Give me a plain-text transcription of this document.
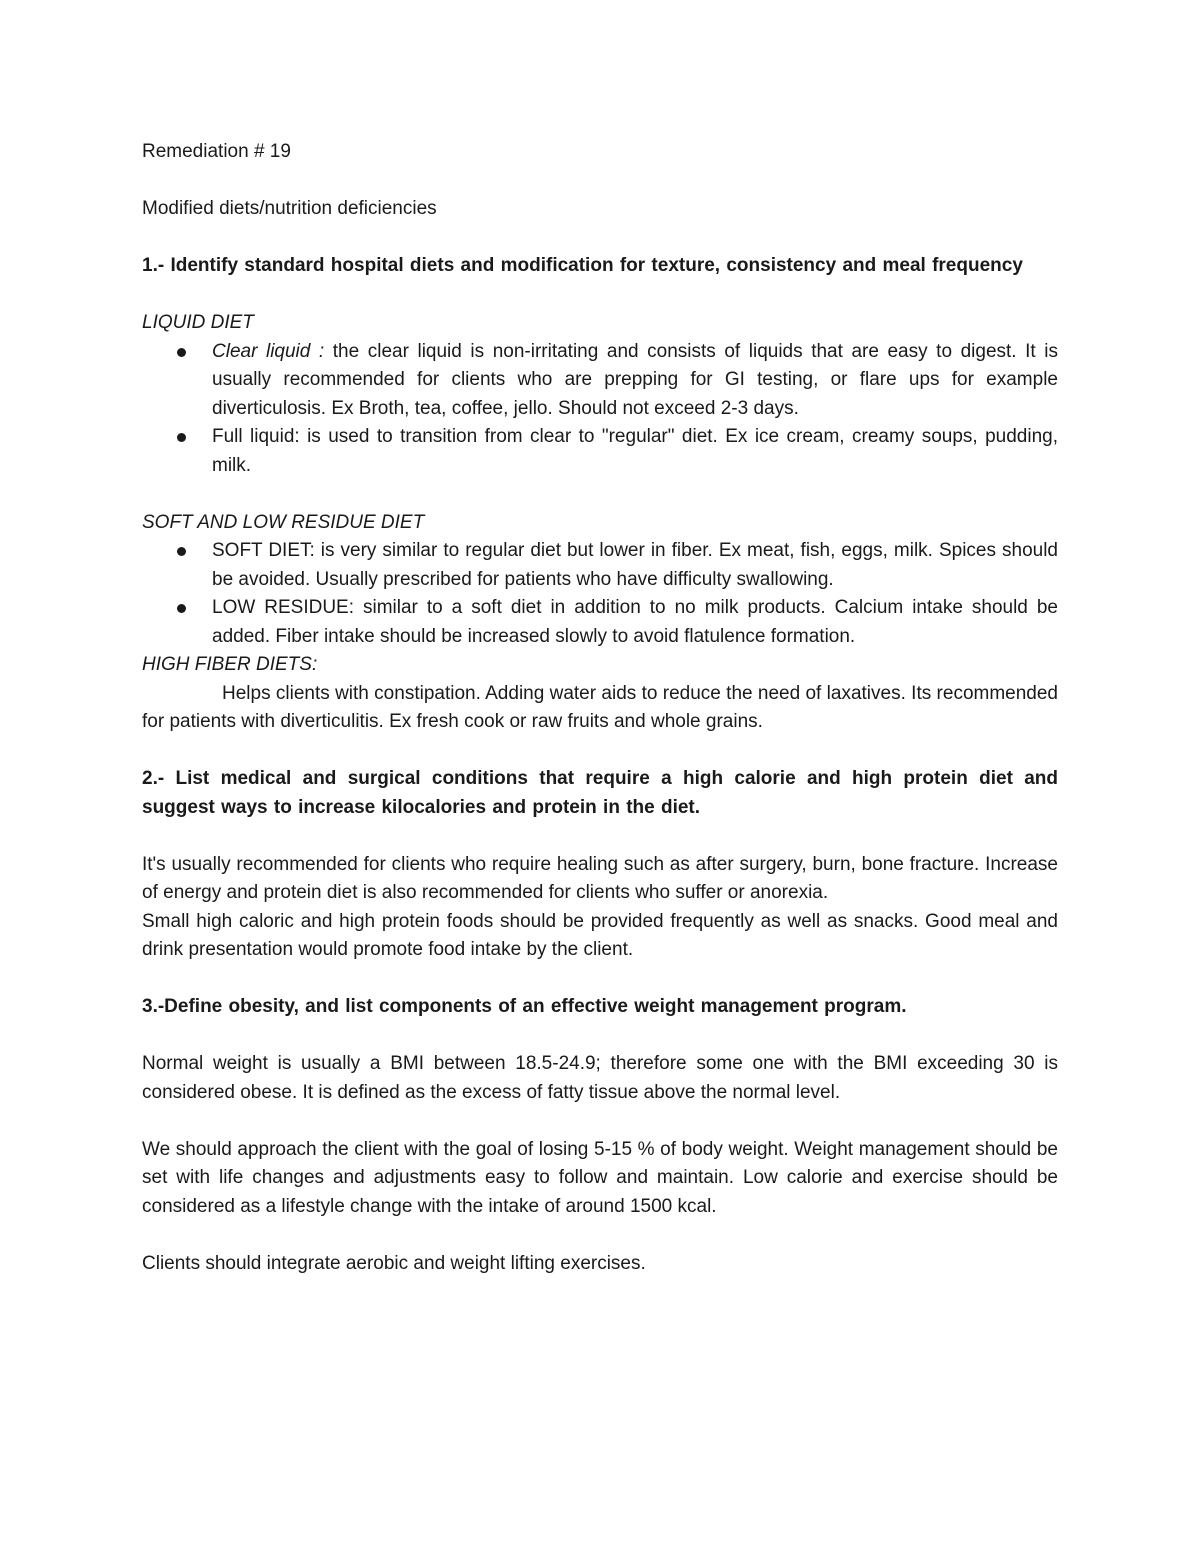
Remediation # 19

Modified diets/nutrition deficiencies

1.- Identify standard hospital diets and modification for texture, consistency and meal frequency

LIQUID DIET

Clear liquid : the clear liquid is non-irritating and consists of liquids that are easy to digest. It is usually recommended for clients who are prepping for GI testing, or flare ups for example diverticulosis. Ex Broth, tea, coffee, jello. Should not exceed 2-3 days.
Full liquid: is used to transition from clear to "regular" diet. Ex ice cream, creamy soups, pudding, milk.

SOFT AND LOW RESIDUE DIET

SOFT DIET: is very similar to regular diet but lower in fiber. Ex meat, fish, eggs, milk. Spices should be avoided. Usually prescribed for patients who have difficulty swallowing.
LOW RESIDUE: similar to a soft diet in addition to no milk products. Calcium intake should be added. Fiber intake should be increased slowly to avoid flatulence formation.

HIGH FIBER DIETS:

Helps clients with constipation. Adding water aids to reduce the need of laxatives. Its recommended for patients with diverticulitis. Ex fresh cook or raw fruits and whole grains.

2.- List medical and surgical conditions that require a high calorie and high protein diet and suggest ways to increase kilocalories and protein in the diet.

It's usually recommended for clients who require healing such as after surgery, burn, bone fracture. Increase of energy and protein diet is also recommended for clients who suffer or anorexia.

Small high caloric and high protein foods should be provided frequently as well as snacks. Good meal and drink presentation would promote food intake by the client.

3.-Define obesity, and list components of an effective weight management program.

Normal weight is usually a BMI between 18.5-24.9; therefore some one with the BMI exceeding 30 is considered obese. It is defined as the excess of fatty tissue above the normal level.

We should approach the client with the goal of losing 5-15 % of body weight. Weight management should be set with life changes and adjustments easy to follow and maintain. Low calorie and exercise should be considered as a lifestyle change with the intake of around 1500 kcal.

Clients should integrate aerobic and weight lifting exercises.
